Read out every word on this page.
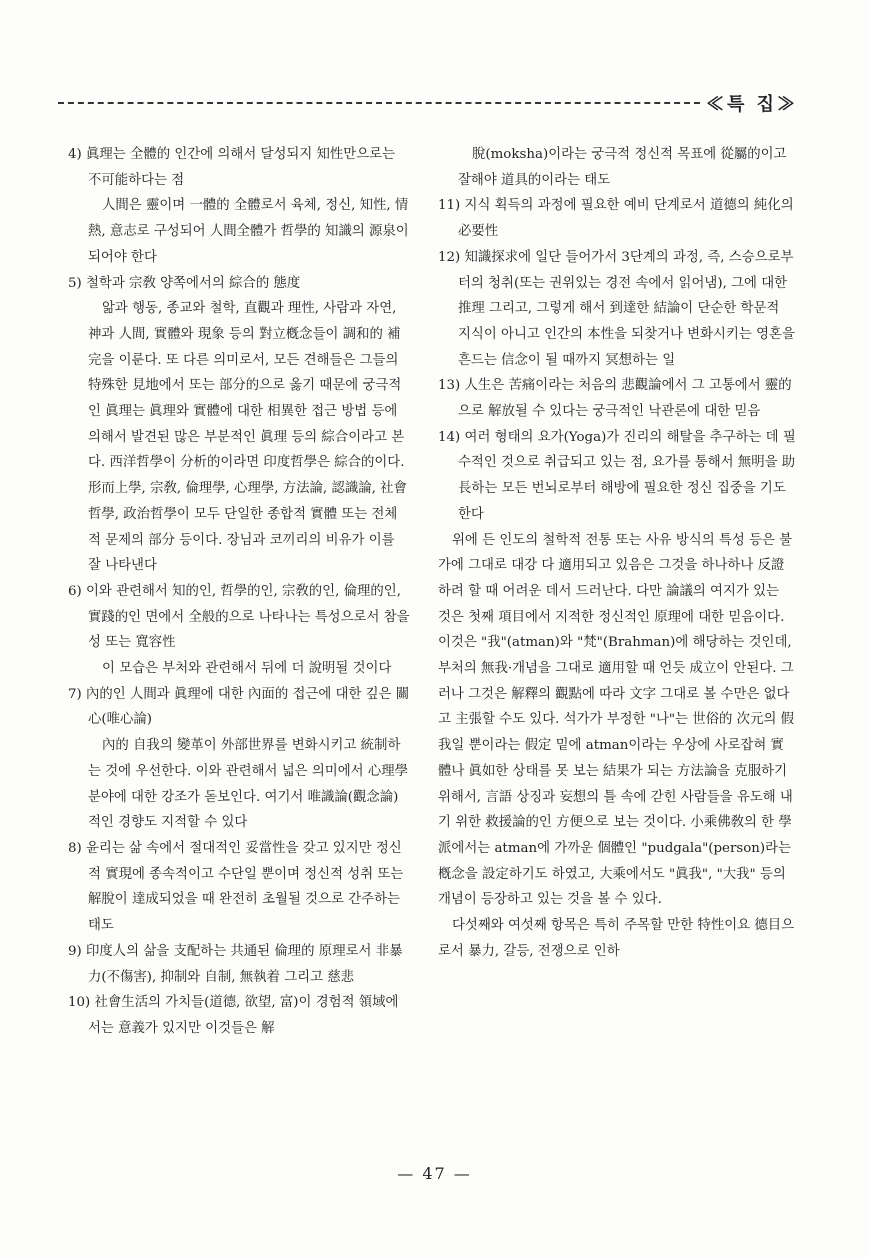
≪특 집≫
4) 眞理는 全體的 인간에 의해서 달성되지 知性만으로는 不可能하다는 점
人間은 靈이며 一體的 全體로서 육체, 정신, 知性, 情熱, 意志로 구성되어 人間全體가 哲學的 知識의 源泉이 되어야 한다
5) 철학과 宗敎 양쪽에서의 綜合的 態度
앎과 행동, 종교와 철학, 直觀과 理性, 사람과 자연, 神과 人間, 實體와 現象 등의 對立槪念들이 調和的 補完을 이룬다. 또 다른 의미로서, 모든 견해들은 그들의 特殊한 見地에서 또는 部分的으로 옳기 때문에 궁극적인 眞理는 眞理와 實體에 대한 相異한 접근 방법 등에 의해서 발견된 많은 부분적인 眞理 등의 綜合이라고 본다. 西洋哲學이 分析的이라면 印度哲學은 綜合的이다. 形而上學, 宗敎, 倫理學, 心理學, 方法論, 認識論, 社會哲學, 政治哲學이 모두 단일한 종합적 實體 또는 전체적 문제의 部分 등이다. 장님과 코끼리의 비유가 이를 잘 나타낸다
6) 이와 관련해서 知的인, 哲學的인, 宗敎的인, 倫理的인, 實踐的인 면에서 全般的으로 나타나는 특성으로서 참을성 또는 寬容性
이 모습은 부처와 관련해서 뒤에 더 說明될 것이다
7) 內的인 人間과 眞理에 대한 內面的 접근에 대한 깊은 關心(唯心論)
內的 自我의 變革이 外部世界를 변화시키고 統制하는 것에 우선한다. 이와 관련해서 넓은 의미에서 心理學 분야에 대한 강조가 돋보인다. 여기서 唯識論(觀念論)적인 경향도 지적할 수 있다
8) 윤리는 삶 속에서 절대적인 妥當性을 갖고 있지만 정신적 實現에 종속적이고 수단일 뿐이며 정신적 성취 또는 解脫이 達成되었을 때 완전히 초월될 것으로 간주하는 태도
9) 印度人의 삶을 支配하는 共通된 倫理的 原理로서 非暴力(不傷害), 抑制와 自制, 無執着 그리고 慈悲
10) 社會生活의 가치들(道德, 欲望, 富)이 경험적 領域에서는 意義가 있지만 이것들은 解
脫(moksha)이라는 궁극적 정신적 목표에 從屬的이고 잘해야 道具的이라는 태도
11) 지식 획득의 과정에 필요한 예비 단계로서 道德의 純化의 必要性
12) 知識探求에 일단 들어가서 3단계의 과정, 즉, 스승으로부터의 청취(또는 권위있는 경전 속에서 읽어냄), 그에 대한 推理 그리고, 그렇게 해서 到達한 結論이 단순한 학문적 지식이 아니고 인간의 本性을 되찾거나 변화시키는 영혼을 흔드는 信念이 될 때까지 冥想하는 일
13) 人生은 苦痛이라는 처음의 悲觀論에서 그 고통에서 靈的으로 解放될 수 있다는 궁극적인 낙관론에 대한 믿음
14) 여러 형태의 요가(Yoga)가 진리의 해탈을 추구하는 데 필수적인 것으로 취급되고 있는 점, 요가를 통해서 無明을 助長하는 모든 번뇌로부터 해방에 필요한 정신 집중을 기도한다
위에 든 인도의 철학적 전통 또는 사유 방식의 특성 등은 불가에 그대로 대강 다 適用되고 있음은 그것을 하나하나 反證하려 할 때 어려운 데서 드러난다. 다만 論議의 여지가 있는 것은 첫째 項目에서 지적한 정신적인 原理에 대한 믿음이다. 이것은 "我"(atman)와 "梵"(Brahman)에 해당하는 것인데, 부처의 無我·개념을 그대로 適用할 때 언듯 成立이 안된다. 그러나 그것은 解釋의 觀點에 따라 文字 그대로 볼 수만은 없다고 主張할 수도 있다. 석가가 부정한 "나"는 世俗的 次元의 假我일 뿐이라는 假定 밑에 atman이라는 우상에 사로잡혀 實體나 眞如한 상태를 못 보는 結果가 되는 方法論을 克服하기 위해서, 言語 상징과 妄想의 틀 속에 갇힌 사람들을 유도해 내기 위한 救援論的인 方便으로 보는 것이다. 小乘佛敎의 한 學派에서는 atman에 가까운 個體인 "pudgala"(person)라는 槪念을 設定하기도 하였고, 大乘에서도 "眞我", "大我" 등의 개념이 등장하고 있는 것을 볼 수 있다.
다섯째와 여섯째 항목은 특히 주목할 만한 特性이요 德目으로서 暴力, 갈등, 전쟁으로 인하
— 47 —
